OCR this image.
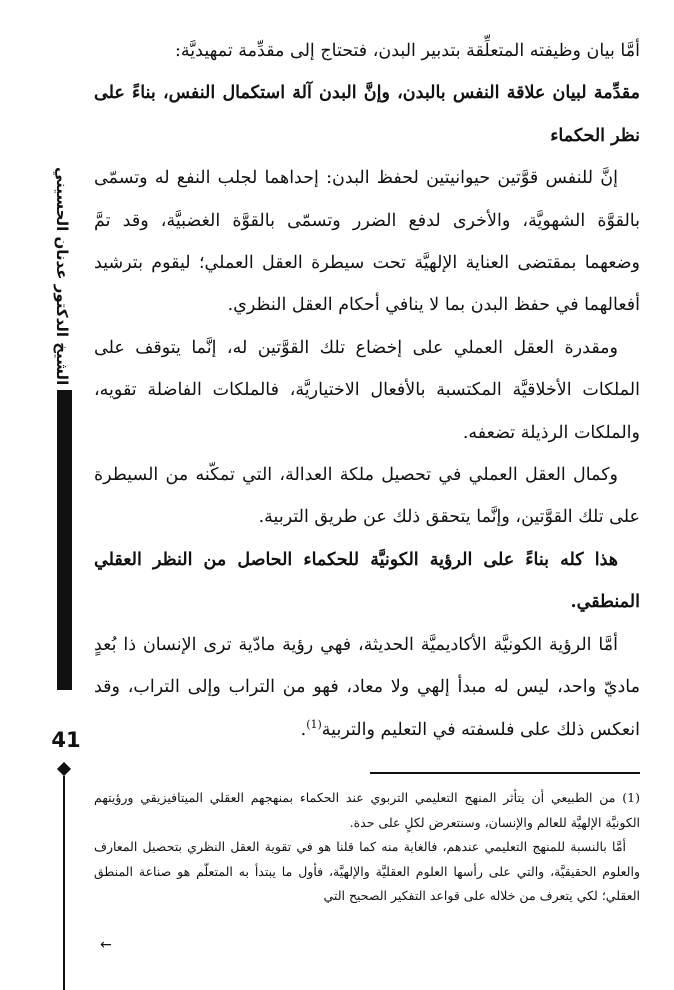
الشيخ الدكتور عدنان الحسيني
41

أمَّا بيان وظيفته المتعلِّقة بتدبير البدن، فتحتاج إلى مقدِّمة تمهيديَّة:

مقدِّمة لبيان علاقة النفس بالبدن، وإنَّ البدن آلة استكمال النفس، بناءً على نظر الحكماء

إنَّ للنفس قوَّتين حيوانيتين لحفظ البدن: إحداهما لجلب النفع له وتسمّى بالقوَّة الشهويَّة، والأخرى لدفع الضرر وتسمّى بالقوَّة الغضبيَّة، وقد تمَّ وضعهما بمقتضى العناية الإلهيَّة تحت سيطرة العقل العملي؛ ليقوم بترشيد أفعالهما في حفظ البدن بما لا ينافي أحكام العقل النظري.

ومقدرة العقل العملي على إخضاع تلك القوَّتين له، إنَّما يتوقف على الملكات الأخلاقيَّة المكتسبة بالأفعال الاختياريَّة، فالملكات الفاضلة تقويه، والملكات الرذيلة تضعفه.

وكمال العقل العملي في تحصيل ملكة العدالة، التي تمكّنه من السيطرة على تلك القوَّتين، وإنَّما يتحقق ذلك عن طريق التربية.

هذا كله بناءً على الرؤية الكونيَّة للحكماء الحاصل من النظر العقلي المنطقي.

أمَّا الرؤية الكونيَّة الأكاديميَّة الحديثة، فهي رؤية مادّية ترى الإنسان ذا بُعدٍ ماديّ واحد، ليس له مبدأ إلهي ولا معاد، فهو من التراب وإلى التراب، وقد انعكس ذلك على فلسفته في التعليم والتربية$^{(1)}$.

(1) من الطبيعي أن يتأثر المنهج التعليمي التربوي عند الحكماء بمنهجهم العقلي الميتافيزيقي ورؤيتهم الكونيَّة الإلهيَّة للعالم والإنسان، وسنتعرض لكلٍ على حدة.

أمَّا بالنسبة للمنهج التعليمي عندهم، فالغاية منه كما قلنا هو في تقوية العقل النظري بتحصيل المعارف والعلوم الحقيقيَّة، والتي على رأسها العلوم العقليَّة والإلهيَّة، فأول ما يبتدأ به المتعلّم هو صناعة المنطق العقلي؛ لكي يتعرف من خلاله على قواعد التفكير الصحيح التي

←
